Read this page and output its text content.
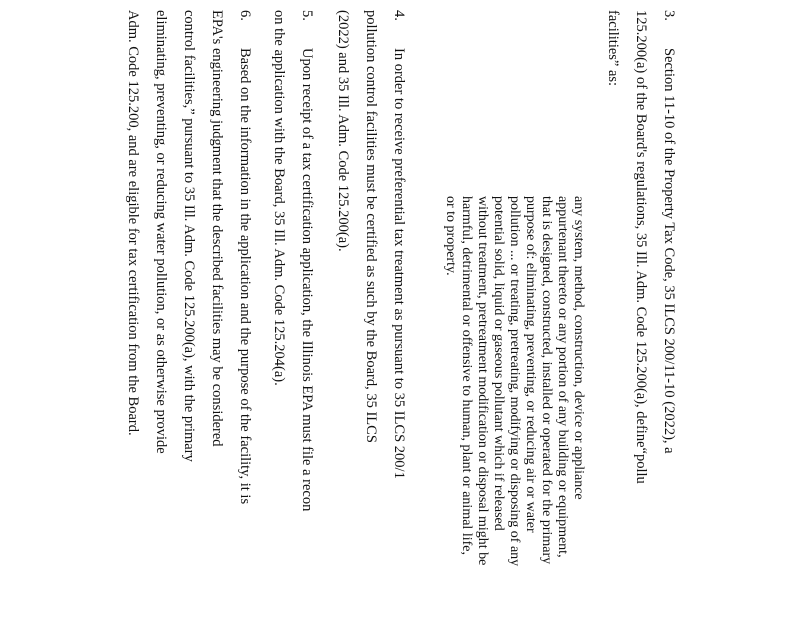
3.
Section 11-10 of the Property Tax Code, 35 ILCS 200/11-10 (2022), a
125.200(a) of the Board's regulations, 35 Ill. Adm. Code 125.200(a), define“pollu
facilities” as:
any system, method, construction, device or appliance
appurtenant thereto or any portion of any building or equipment,
that is designed, constructed, installed or operated for the primary
purpose of: eliminating, preventing, or reducing air or water
pollution ... or treating, pretreating, modifying or disposing of any
potential solid, liquid or gaseous pollutant which if released
without treatment, pretreatment modification or disposal might be
harmful, detrimental or offensive to human, plant or animal life,
or to property.
4.
In order to receive preferential tax treatment as pursuant to 35 ILCS 200/1
pollution control facilities must be certified as such by the Board, 35 ILCS
(2022) and 35 Ill. Adm. Code 125.200(a).
5.
Upon receipt of a tax certification application, the Illinois EPA must file a recon
on the application with the Board, 35 Ill. Adm. Code 125.204(a).
6.
Based on the information in the application and the purpose of the facility, it is
EPA's engineering judgment that the described facilities may be considered
control facilities,” pursuant to 35 Ill. Adm. Code 125.200(a), with the primary
eliminating, preventing, or reducing water pollution, or as otherwise provide
Adm. Code 125.200, and are eligible for tax certification from the Board.
